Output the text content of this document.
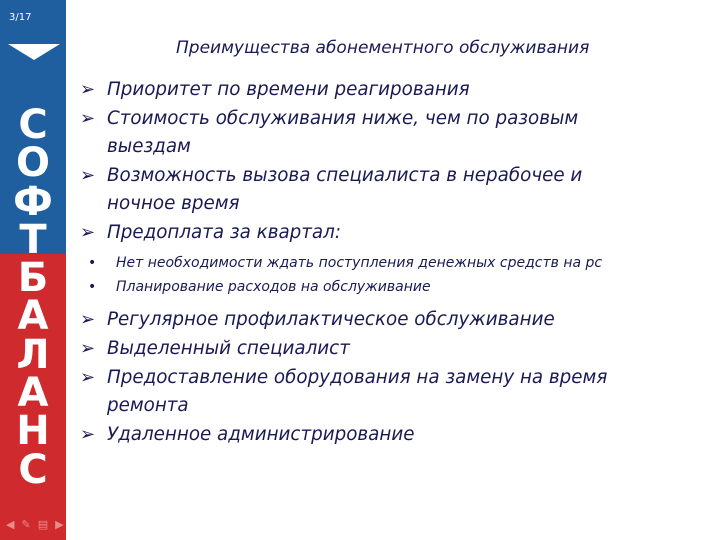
3/17
С
О
Ф
Т
Б
А
Л
А
Н
С
◀ ✎ ▤ ▶
Преимущества абонементного обслуживания
➢ Приоритет по времени реагирования
➢ Стоимость обслуживания ниже, чем по разовым
выездам
➢ Возможность вызова специалиста в нерабочее и
ночное время
➢ Предоплата за квартал:
• Нет необходимости ждать поступления денежных средств на рс
• Планирование расходов на обслуживание
➢ Регулярное профилактическое обслуживание
➢ Выделенный специалист
➢ Предоставление оборудования на замену на время
ремонта
➢ Удаленное администрирование
